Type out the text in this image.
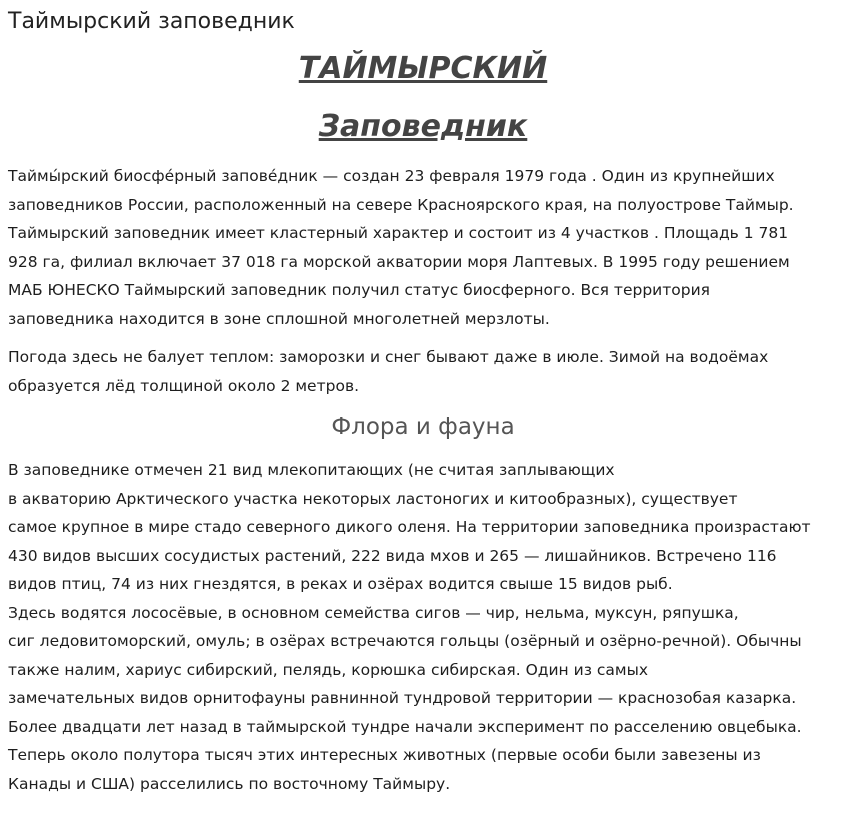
Таймырский заповедник
ТАЙМЫРСКИЙ
Заповедник
Таймы́рский биосфе́рный запове́дник — создан 23 февраля 1979 года . Один из крупнейших
заповедников России, расположенный на севере Красноярского края, на полуострове Таймыр.
Таймырский заповедник имеет кластерный характер и состоит из 4 участков . Площадь 1 781
928 га, филиал включает 37 018 га морской акватории моря Лаптевых. В 1995 году решением
МАБ ЮНЕСКО Таймырский заповедник получил статус биосферного. Вся территория
заповедника находится в зоне сплошной многолетней мерзлоты.
Погода здесь не балует теплом: заморозки и снег бывают даже в июле. Зимой на водоёмах
образуется лёд толщиной около 2 метров.
Флора и фауна
В заповеднике отмечен 21 вид млекопитающих (не считая заплывающих
в акваторию Арктического участка некоторых ластоногих и китообразных), существует
самое крупное в мире стадо северного дикого оленя. На территории заповедника произрастают
430 видов высших сосудистых растений, 222 вида мхов и 265 — лишайников. Встречено 116
видов птиц, 74 из них гнездятся, в реках и озёрах водится свыше 15 видов рыб.
Здесь водятся лососёвые, в основном семейства сигов — чир, нельма, муксун, ряпушка,
сиг ледовитоморский, омуль; в озёрах встречаются гольцы (озёрный и озёрно-речной). Обычны
также налим, хариус сибирский, пелядь, корюшка сибирская. Один из самых
замечательных видов орнитофауны равнинной тундровой территории — краснозобая казарка.
Более двадцати лет назад в таймырской тундре начали эксперимент по расселению овцебыка.
Теперь около полутора тысяч этих интересных животных (первые особи были завезены из
Канады и США) расселились по восточному Таймыру.
